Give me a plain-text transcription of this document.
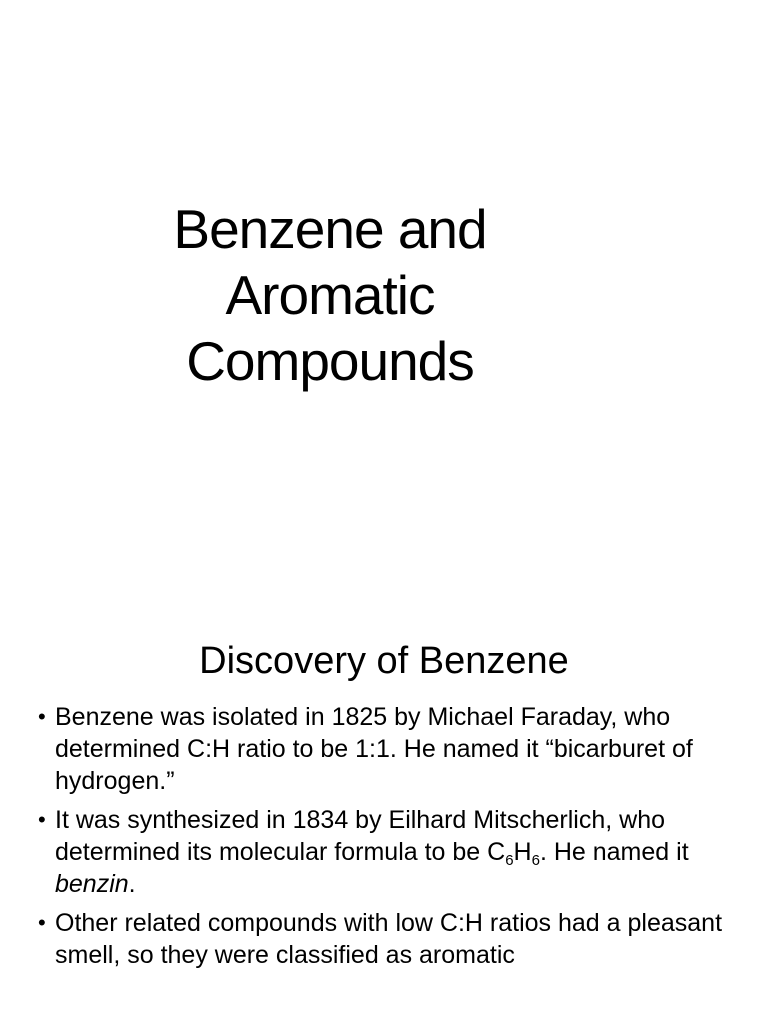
Benzene and
Aromatic
Compounds
Discovery of Benzene
• Benzene was isolated in 1825 by Michael Faraday, who determined C:H ratio to be 1:1. He named it “bicarburet of hydrogen.”
• It was synthesized in 1834 by Eilhard Mitscherlich, who determined its molecular formula to be $C_6H_6$. He named it benzin.
• Other related compounds with low C:H ratios had a pleasant smell, so they were classified as aromatic
